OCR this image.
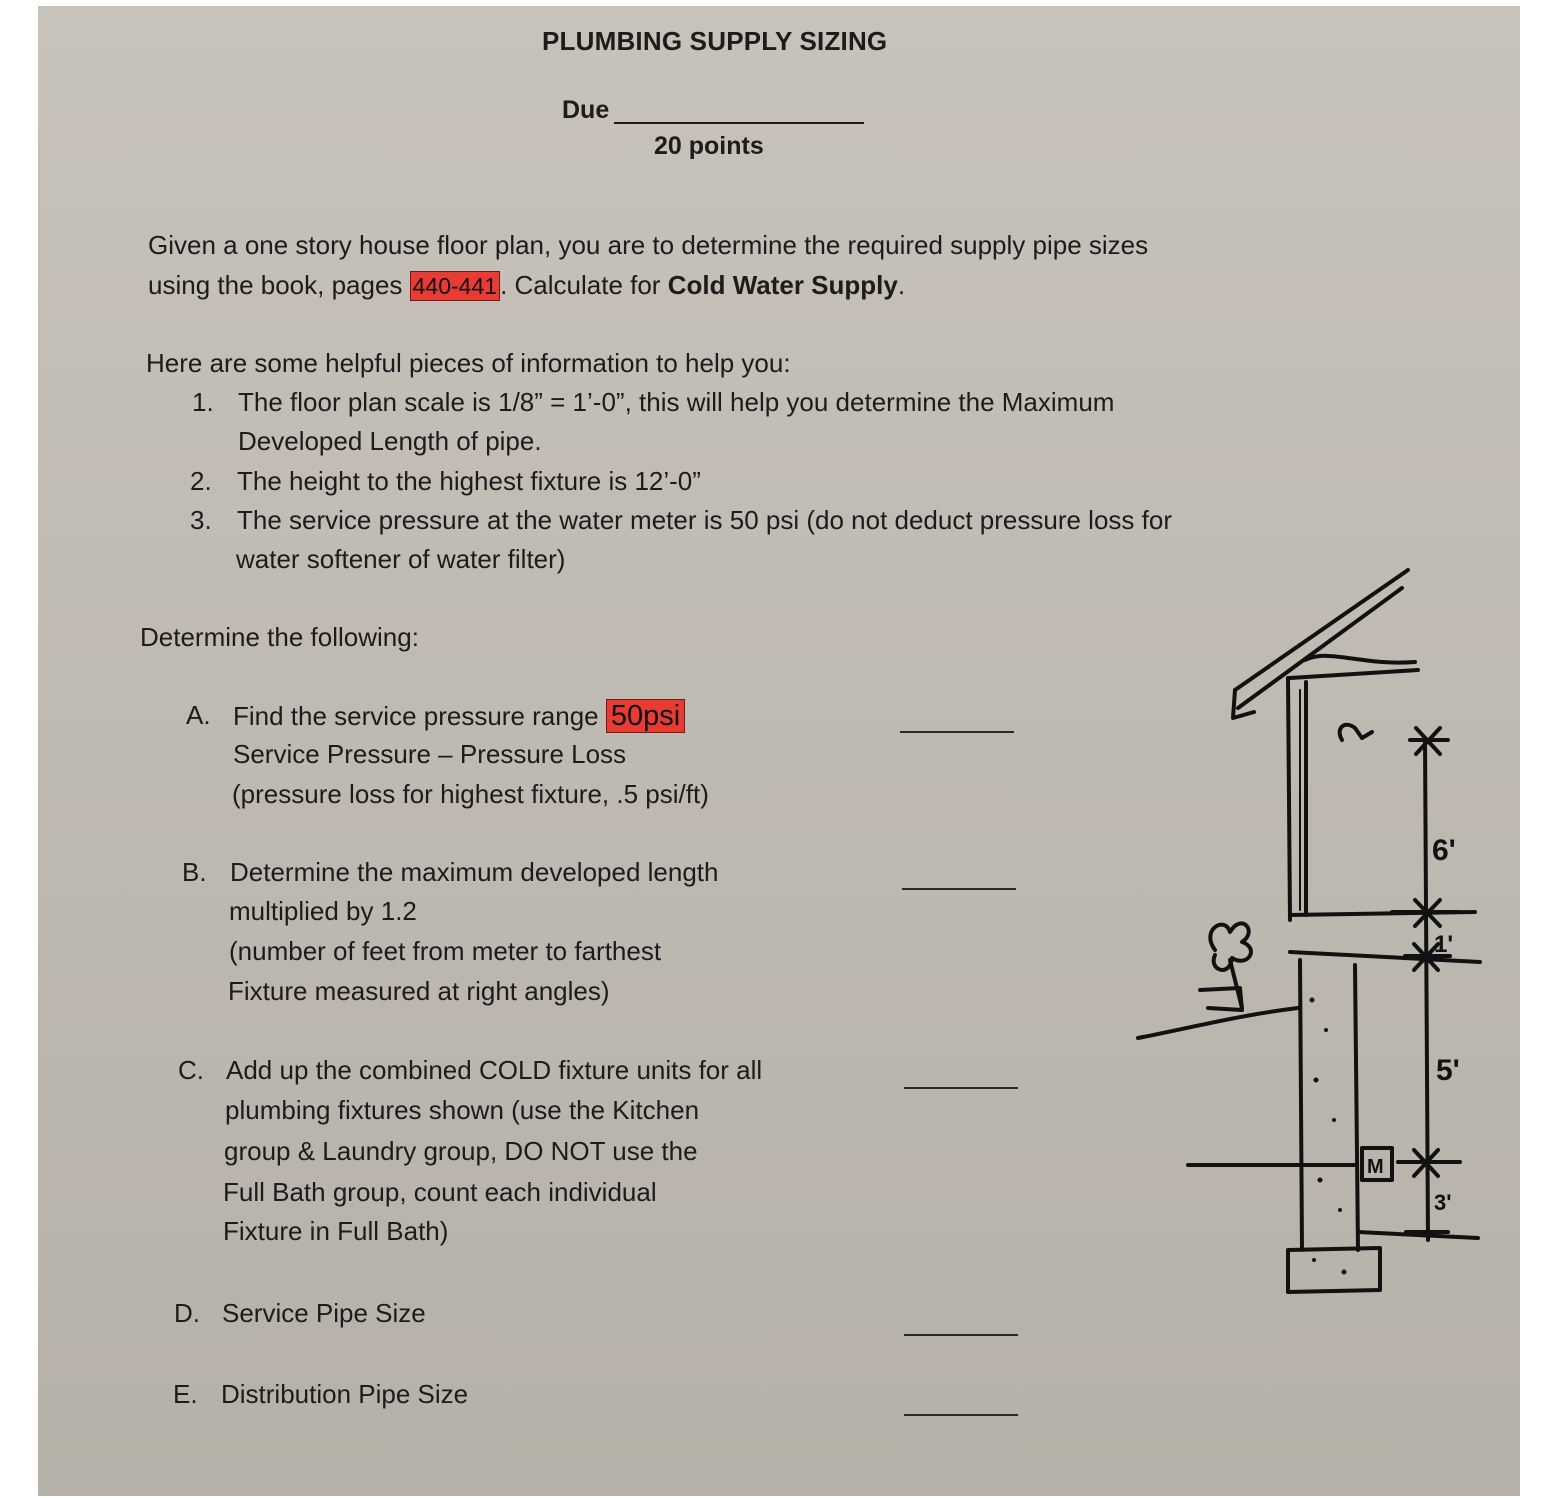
PLUMBING SUPPLY SIZING
Due
20 points
Given a one story house floor plan, you are to determine the required supply pipe sizes
using the book, pages 440-441 . Calculate for Cold Water Supply.
Here are some helpful pieces of information to help you:
1. The floor plan scale is 1/8” = 1’-0”, this will help you determine the Maximum
Developed Length of pipe.
2. The height to the highest fixture is 12’-0”
3. The service pressure at the water meter is 50 psi (do not deduct pressure loss for
water softener of water filter)
Determine the following:
A. Find the service pressure range 50psi
Service Pressure – Pressure Loss
(pressure loss for highest fixture, .5 psi/ft)
B. Determine the maximum developed length
multiplied by 1.2
(number of feet from meter to farthest
Fixture measured at right angles)
C. Add up the combined COLD fixture units for all
plumbing fixtures shown (use the Kitchen
group & Laundry group, DO NOT use the
Full Bath group, count each individual
Fixture in Full Bath)
D. Service Pipe Size
E. Distribution Pipe Size
6'
1'
5'
3'
M
